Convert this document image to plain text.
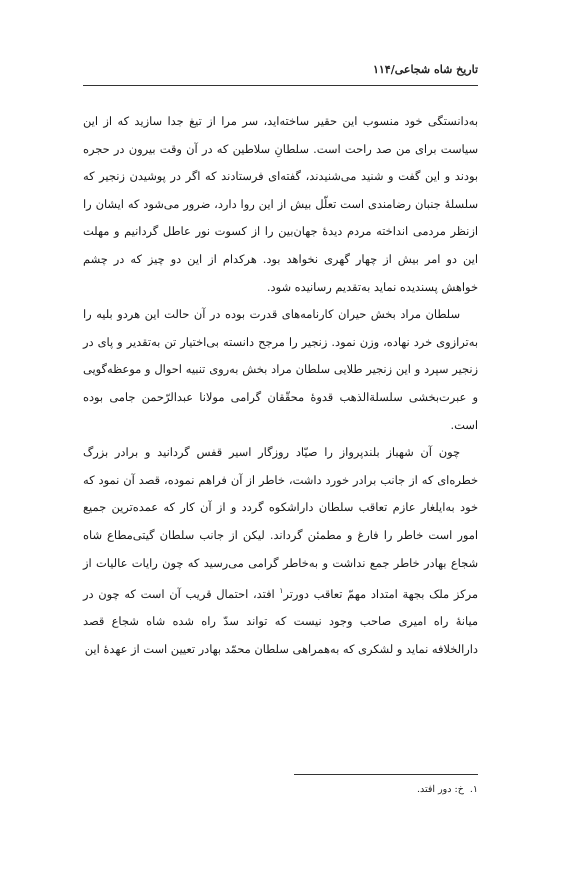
تاریخ شاه شجاعی/۱۱۴

به‌دانستگی خود منسوب این حقیر ساخته‌اید، سر مرا از تیغ جدا سازید که از این سیاست برای من صد راحت است. سلطانِ سلاطین که در آن وقت بیرون در حجره بودند و این گفت و شنید می‌شنیدند، گفته‌ای فرستادند که اگر در پوشیدن زنجیر که سلسلهٔ جنبان رضامندی است تعلّل بیش از این روا دارد، ضرور می‌شود که ایشان را ازنظر مردمی انداخته مردم دیدهٔ جهان‌بین را از کسوت نور عاطل گردانیم و مهلت این دو امر بیش از چهار گهری نخواهد بود. هرکدام از این دو چیز که در چشم خواهش پسندیده نماید به‌تقدیم رسانیده شود.

سلطان مراد بخش حیران کارنامه‌های قدرت بوده در آن حالت این هردو بلیه را به‌ترازوی خرد نهاده، وزن نمود. زنجیر را مرجح دانسته بی‌اختیار تن به‌تقدیر و پای در زنجیر سپرد و این زنجیر طلایی سلطان مراد بخش به‌روی تنبیه احوال و موعظه‌گویی و عبرت‌بخشی سلسلة‌الذهب قدوهٔ محقّقان گرامی مولانا عبدالرّحمن جامی بوده است.

چون آن شهباز بلندپرواز را صیّاد روزگار اسیر قفس گردانید و برادر بزرگ خطره‌ای که از جانب برادر خورد داشت، خاطر از آن فراهم نموده، قصد آن نمود که خود به‌ایلغار عازم تعاقب سلطان داراشکوه گردد و از آن کار که عمده‌ترین جمیع امور است خاطر را فارغ و مطمئن گرداند. لیکن از جانب سلطان گیتی‌مطاع شاه شجاع بهادر خاطر جمع نداشت و به‌خاطر گرامی می‌رسید که چون رایات عالیات از مرکز ملک بجهة امتداد مهمّ تعاقب دورتر$^۱$ افتد، احتمال قریب آن است که چون در میانهٔ راه امیری صاحب وجود نیست که تواند سدّ راه شده شاه شجاع قصد دارالخلافه نماید و لشکری که به‌همراهی سلطان محمّد بهادر تعیین است از عهدهٔ این

۱.خ: دور افتد.
